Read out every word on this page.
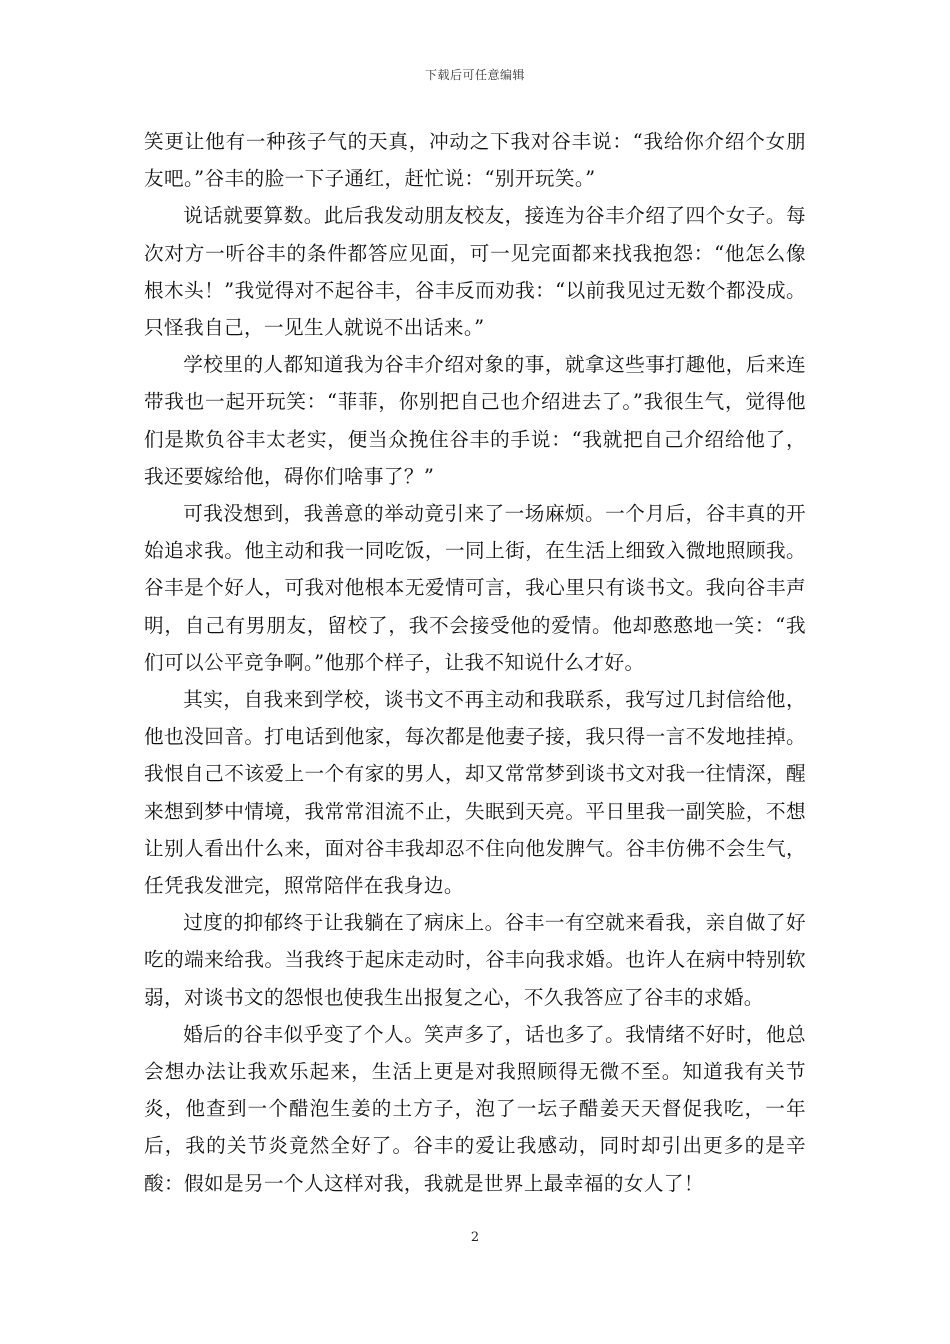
下载后可任意编辑

笑更让他有一种孩子气的天真，冲动之下我对谷丰说：“我给你介绍个女朋友吧。”谷丰的脸一下子通红，赶忙说：“别开玩笑。”

说话就要算数。此后我发动朋友校友，接连为谷丰介绍了四个女子。每次对方一听谷丰的条件都答应见面，可一见完面都来找我抱怨：“他怎么像根木头！”我觉得对不起谷丰，谷丰反而劝我：“以前我见过无数个都没成。只怪我自己，一见生人就说不出话来。”

学校里的人都知道我为谷丰介绍对象的事，就拿这些事打趣他，后来连带我也一起开玩笑：“菲菲，你别把自己也介绍进去了。”我很生气，觉得他们是欺负谷丰太老实，便当众挽住谷丰的手说：“我就把自己介绍给他了，我还要嫁给他，碍你们啥事了？”

可我没想到，我善意的举动竟引来了一场麻烦。一个月后，谷丰真的开始追求我。他主动和我一同吃饭，一同上街，在生活上细致入微地照顾我。谷丰是个好人，可我对他根本无爱情可言，我心里只有谈书文。我向谷丰声明，自己有男朋友，留校了，我不会接受他的爱情。他却憨憨地一笑：“我们可以公平竞争啊。”他那个样子，让我不知说什么才好。

其实，自我来到学校，谈书文不再主动和我联系，我写过几封信给他，他也没回音。打电话到他家，每次都是他妻子接，我只得一言不发地挂掉。我恨自己不该爱上一个有家的男人，却又常常梦到谈书文对我一往情深，醒来想到梦中情境，我常常泪流不止，失眠到天亮。平日里我一副笑脸，不想让别人看出什么来，面对谷丰我却忍不住向他发脾气。谷丰仿佛不会生气，任凭我发泄完，照常陪伴在我身边。

过度的抑郁终于让我躺在了病床上。谷丰一有空就来看我，亲自做了好吃的端来给我。当我终于起床走动时，谷丰向我求婚。也许人在病中特别软弱，对谈书文的怨恨也使我生出报复之心，不久我答应了谷丰的求婚。

婚后的谷丰似乎变了个人。笑声多了，话也多了。我情绪不好时，他总会想办法让我欢乐起来，生活上更是对我照顾得无微不至。知道我有关节炎，他查到一个醋泡生姜的土方子，泡了一坛子醋姜天天督促我吃，一年后，我的关节炎竟然全好了。谷丰的爱让我感动，同时却引出更多的是辛酸：假如是另一个人这样对我，我就是世界上最幸福的女人了！

2
